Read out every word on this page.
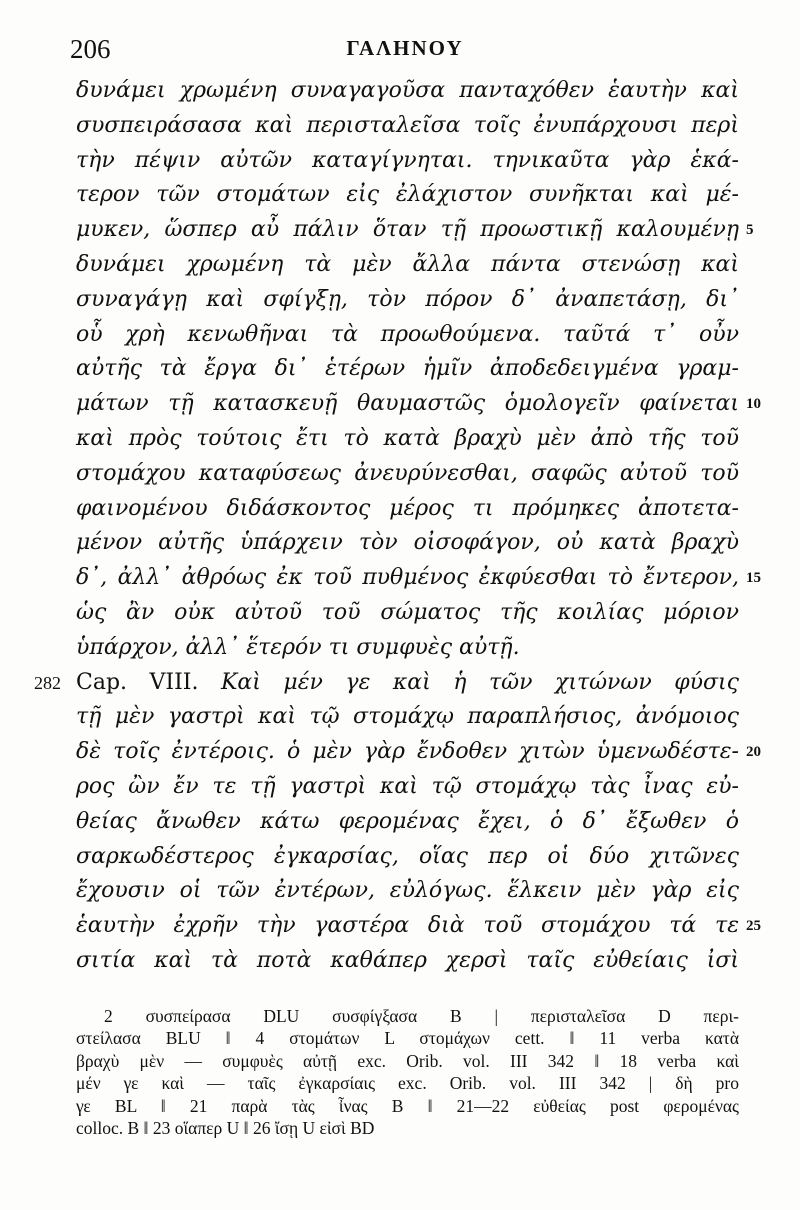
206	ΓΑΛΗΝΟΥ
δυνάμει χρωμένη συναγαγοῦσα πανταχόθεν ἑαυτὴν καὶ
συσπειράσασα καὶ περισταλεῖσα τοῖς ἐνυπάρχουσι περὶ
τὴν πέψιν αὐτῶν καταγίγνηται. τηνικαῦτα γὰρ ἑκά-
τερον τῶν στομάτων εἰς ἐλάχιστον συνῆκται καὶ μέ-
μυκεν, ὥσπερ αὖ πάλιν ὅταν τῇ προωστικῇ καλουμένῃ 5
δυνάμει χρωμένη τὰ μὲν ἄλλα πάντα στενώσῃ καὶ
συναγάγῃ καὶ σφίγξῃ, τὸν πόρον δ᾽ ἀναπετάσῃ, δι᾽
οὗ χρὴ κενωθῆναι τὰ προωθούμενα. ταῦτά τ᾽ οὖν
αὐτῆς τὰ ἔργα δι᾽ ἑτέρων ἡμῖν ἀποδεδειγμένα γραμ-
μάτων τῇ κατασκευῇ θαυμαστῶς ὁμολογεῖν φαίνεται 10
καὶ πρὸς τούτοις ἔτι τὸ κατὰ βραχὺ μὲν ἀπὸ τῆς τοῦ
στομάχου καταφύσεως ἀνευρύνεσθαι, σαφῶς αὐτοῦ τοῦ
φαινομένου διδάσκοντος μέρος τι πρόμηκες ἀποτετα-
μένον αὐτῆς ὑπάρχειν τὸν οἰσοφάγον, οὐ κατὰ βραχὺ
δ᾽, ἀλλ᾽ ἀθρόως ἐκ τοῦ πυθμένος ἐκφύεσθαι τὸ ἔντερον, 15
ὡς ἂν οὐκ αὐτοῦ τοῦ σώματος τῆς κοιλίας μόριον
ὑπάρχον, ἀλλ᾽ ἕτερόν τι συμφυὲς αὐτῇ.
282 Cap. VIII. Καὶ μέν γε καὶ ἡ τῶν χιτώνων φύσις
τῇ μὲν γαστρὶ καὶ τῷ στομάχῳ παραπλήσιος, ἀνόμοιος
δὲ τοῖς ἐντέροις. ὁ μὲν γὰρ ἔνδοθεν χιτὼν ὑμενωδέστε- 20
ρος ὢν ἔν τε τῇ γαστρὶ καὶ τῷ στομάχῳ τὰς ἶνας εὐ-
θείας ἄνωθεν κάτω φερομένας ἔχει, ὁ δ᾽ ἔξωθεν ὁ
σαρκωδέστερος ἐγκαρσίας, οἵας περ οἱ δύο χιτῶνες
ἔχουσιν οἱ τῶν ἐντέρων, εὐλόγως. ἕλκειν μὲν γὰρ εἰς
ἑαυτὴν ἐχρῆν τὴν γαστέρα διὰ τοῦ στομάχου τά τε 25
σιτία καὶ τὰ ποτὰ καθάπερ χερσὶ ταῖς εὐθείαις ἰσὶ
2 συσπείρασα DLU συσφίγξασα B | περισταλεῖσα D περι-
στείλασα BLU ‖ 4 στομάτων L στομάχων cett. ‖ 11 verba κατὰ
βραχὺ μὲν — συμφυὲς αὐτῇ exc. Orib. vol. III 342 ‖ 18 verba καὶ
μέν γε καὶ — ταῖς ἐγκαρσίαις exc. Orib. vol. III 342 | δὴ pro
γε BL ‖ 21 παρὰ τὰς ἶνας B ‖ 21—22 εὐθείας post φερομένας
colloc. B ‖ 23 οἵαπερ U ‖ 26 ἴσῃ U εἰσὶ BD
